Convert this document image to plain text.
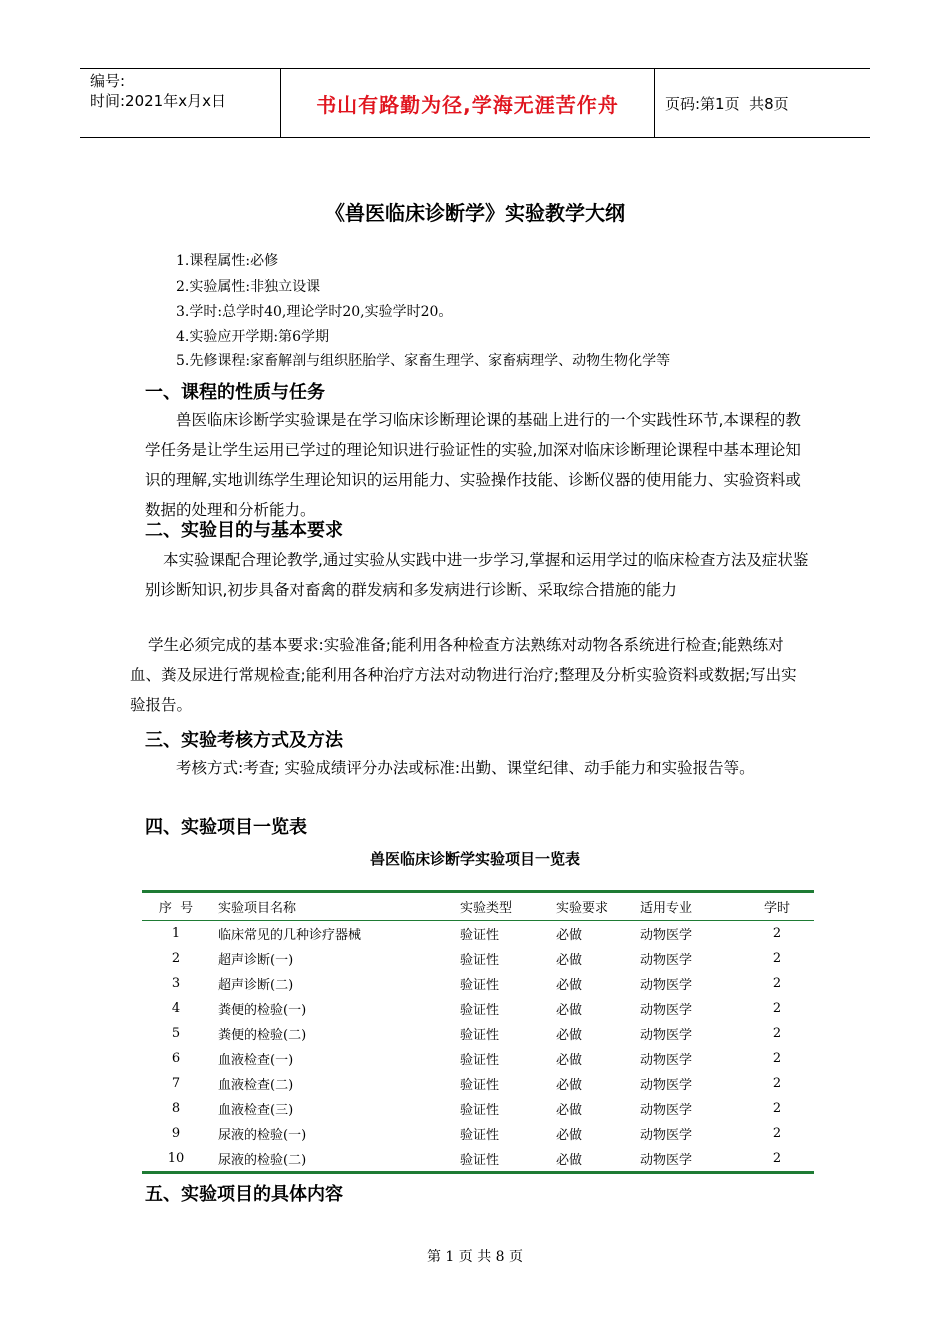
编号:
时间:2021年x月x日	书山有路勤为径,学海无涯苦作舟	页码:第1页  共8页
《兽医临床诊断学》实验教学大纲
1.课程属性:必修
2.实验属性:非独立设课
3.学时:总学时40,理论学时20,实验学时20。
4.实验应开学期:第6学期
5.先修课程:家畜解剖与组织胚胎学、家畜生理学、家畜病理学、动物生物化学等
一、课程的性质与任务
兽医临床诊断学实验课是在学习临床诊断理论课的基础上进行的一个实践性环节,本课程的教学任务是让学生运用已学过的理论知识进行验证性的实验,加深对临床诊断理论课程中基本理论知识的理解,实地训练学生理论知识的运用能力、实验操作技能、诊断仪器的使用能力、实验资料或数据的处理和分析能力。
二、实验目的与基本要求
本实验课配合理论教学,通过实验从实践中进一步学习,掌握和运用学过的临床检查方法及症状鉴别诊断知识,初步具备对畜禽的群发病和多发病进行诊断、采取综合措施的能力
学生必须完成的基本要求:实验准备;能利用各种检查方法熟练对动物各系统进行检查;能熟练对血、粪及尿进行常规检查;能利用各种治疗方法对动物进行治疗;整理及分析实验资料或数据;写出实验报告。
三、实验考核方式及方法
考核方式:考查; 实验成绩评分办法或标准:出勤、课堂纪律、动手能力和实验报告等。
四、实验项目一览表
兽医临床诊断学实验项目一览表
序  号	实验项目名称	实验类型	实验要求	适用专业	学时
1	临床常见的几种诊疗器械	验证性	必做	动物医学	2
2	超声诊断(一)	验证性	必做	动物医学	2
3	超声诊断(二)	验证性	必做	动物医学	2
4	粪便的检验(一)	验证性	必做	动物医学	2
5	粪便的检验(二)	验证性	必做	动物医学	2
6	血液检查(一)	验证性	必做	动物医学	2
7	血液检查(二)	验证性	必做	动物医学	2
8	血液检查(三)	验证性	必做	动物医学	2
9	尿液的检验(一)	验证性	必做	动物医学	2
10	尿液的检验(二)	验证性	必做	动物医学	2
五、实验项目的具体内容
第 1 页 共 8 页
